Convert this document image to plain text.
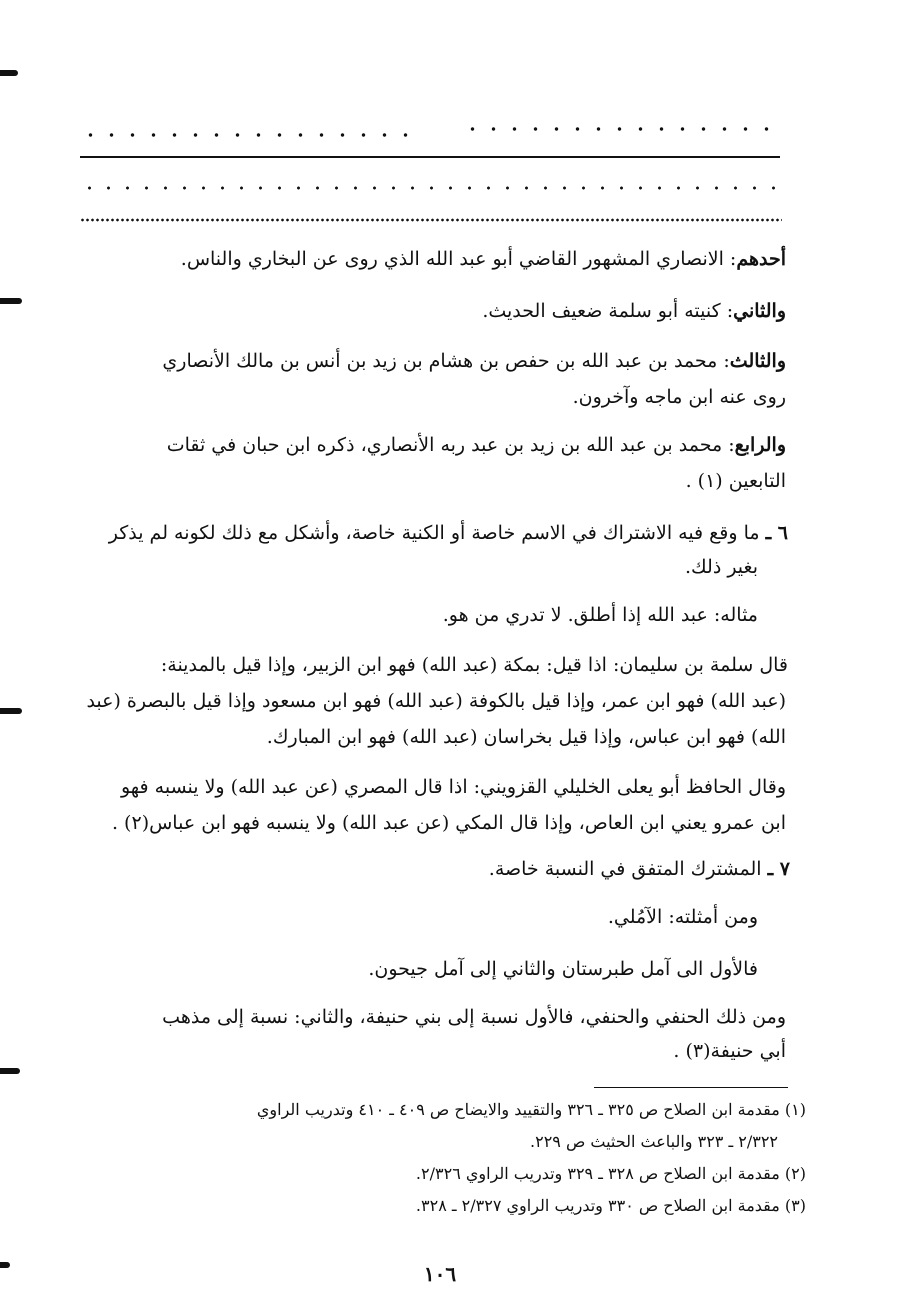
أحدهم: الانصاري المشهور القاضي أبو عبد الله الذي روى عن البخاري والناس.
والثاني: كنيته أبو سلمة ضعيف الحديث.
والثالث: محمد بن عبد الله بن حفص بن هشام بن زيد بن أنس بن مالك الأنصاري
روى عنه ابن ماجه وآخرون.
والرابع: محمد بن عبد الله بن زيد بن عبد ربه الأنصاري، ذكره ابن حبان في ثقات
التابعين (١) .
٦ ـ ما وقع فيه الاشتراك في الاسم خاصة أو الكنية خاصة، وأشكل مع ذلك لكونه لم يذكر
بغير ذلك.
مثاله: عبد الله إذا أطلق. لا تدري من هو.
قال سلمة بن سليمان: اذا قيل: بمكة (عبد الله) فهو ابن الزبير، وإذا قيل بالمدينة:
(عبد الله) فهو ابن عمر، وإذا قيل بالكوفة (عبد الله) فهو ابن مسعود وإذا قيل بالبصرة (عبد
الله) فهو ابن عباس، وإذا قيل بخراسان (عبد الله) فهو ابن المبارك.
وقال الحافظ أبو يعلى الخليلي القزويني: اذا قال المصري (عن عبد الله) ولا ينسبه فهو
ابن عمرو يعني ابن العاص، وإذا قال المكي (عن عبد الله) ولا ينسبه فهو ابن عباس(٢) .
٧ ـ المشترك المتفق في النسبة خاصة.
ومن أمثلته: الآمُلي.
فالأول الى آمل طبرستان والثاني إلى آمل جيحون.
ومن ذلك الحنفي والحنفي، فالأول نسبة إلى بني حنيفة، والثاني: نسبة إلى مذهب
أبي حنيفة(٣) .
(١) مقدمة ابن الصلاح ص ٣٢٥ ـ ٣٢٦ والتقييد والايضاح ص ٤٠٩ ـ ٤١٠ وتدريب الراوي
٢/٣٢٢ ـ ٣٢٣ والباعث الحثيث ص ٢٢٩.
(٢) مقدمة ابن الصلاح ص ٣٢٨ ـ ٣٢٩ وتدريب الراوي ٢/٣٢٦.
(٣) مقدمة ابن الصلاح ص ٣٣٠ وتدريب الراوي ٢/٣٢٧ ـ ٣٢٨.
١٠٦
